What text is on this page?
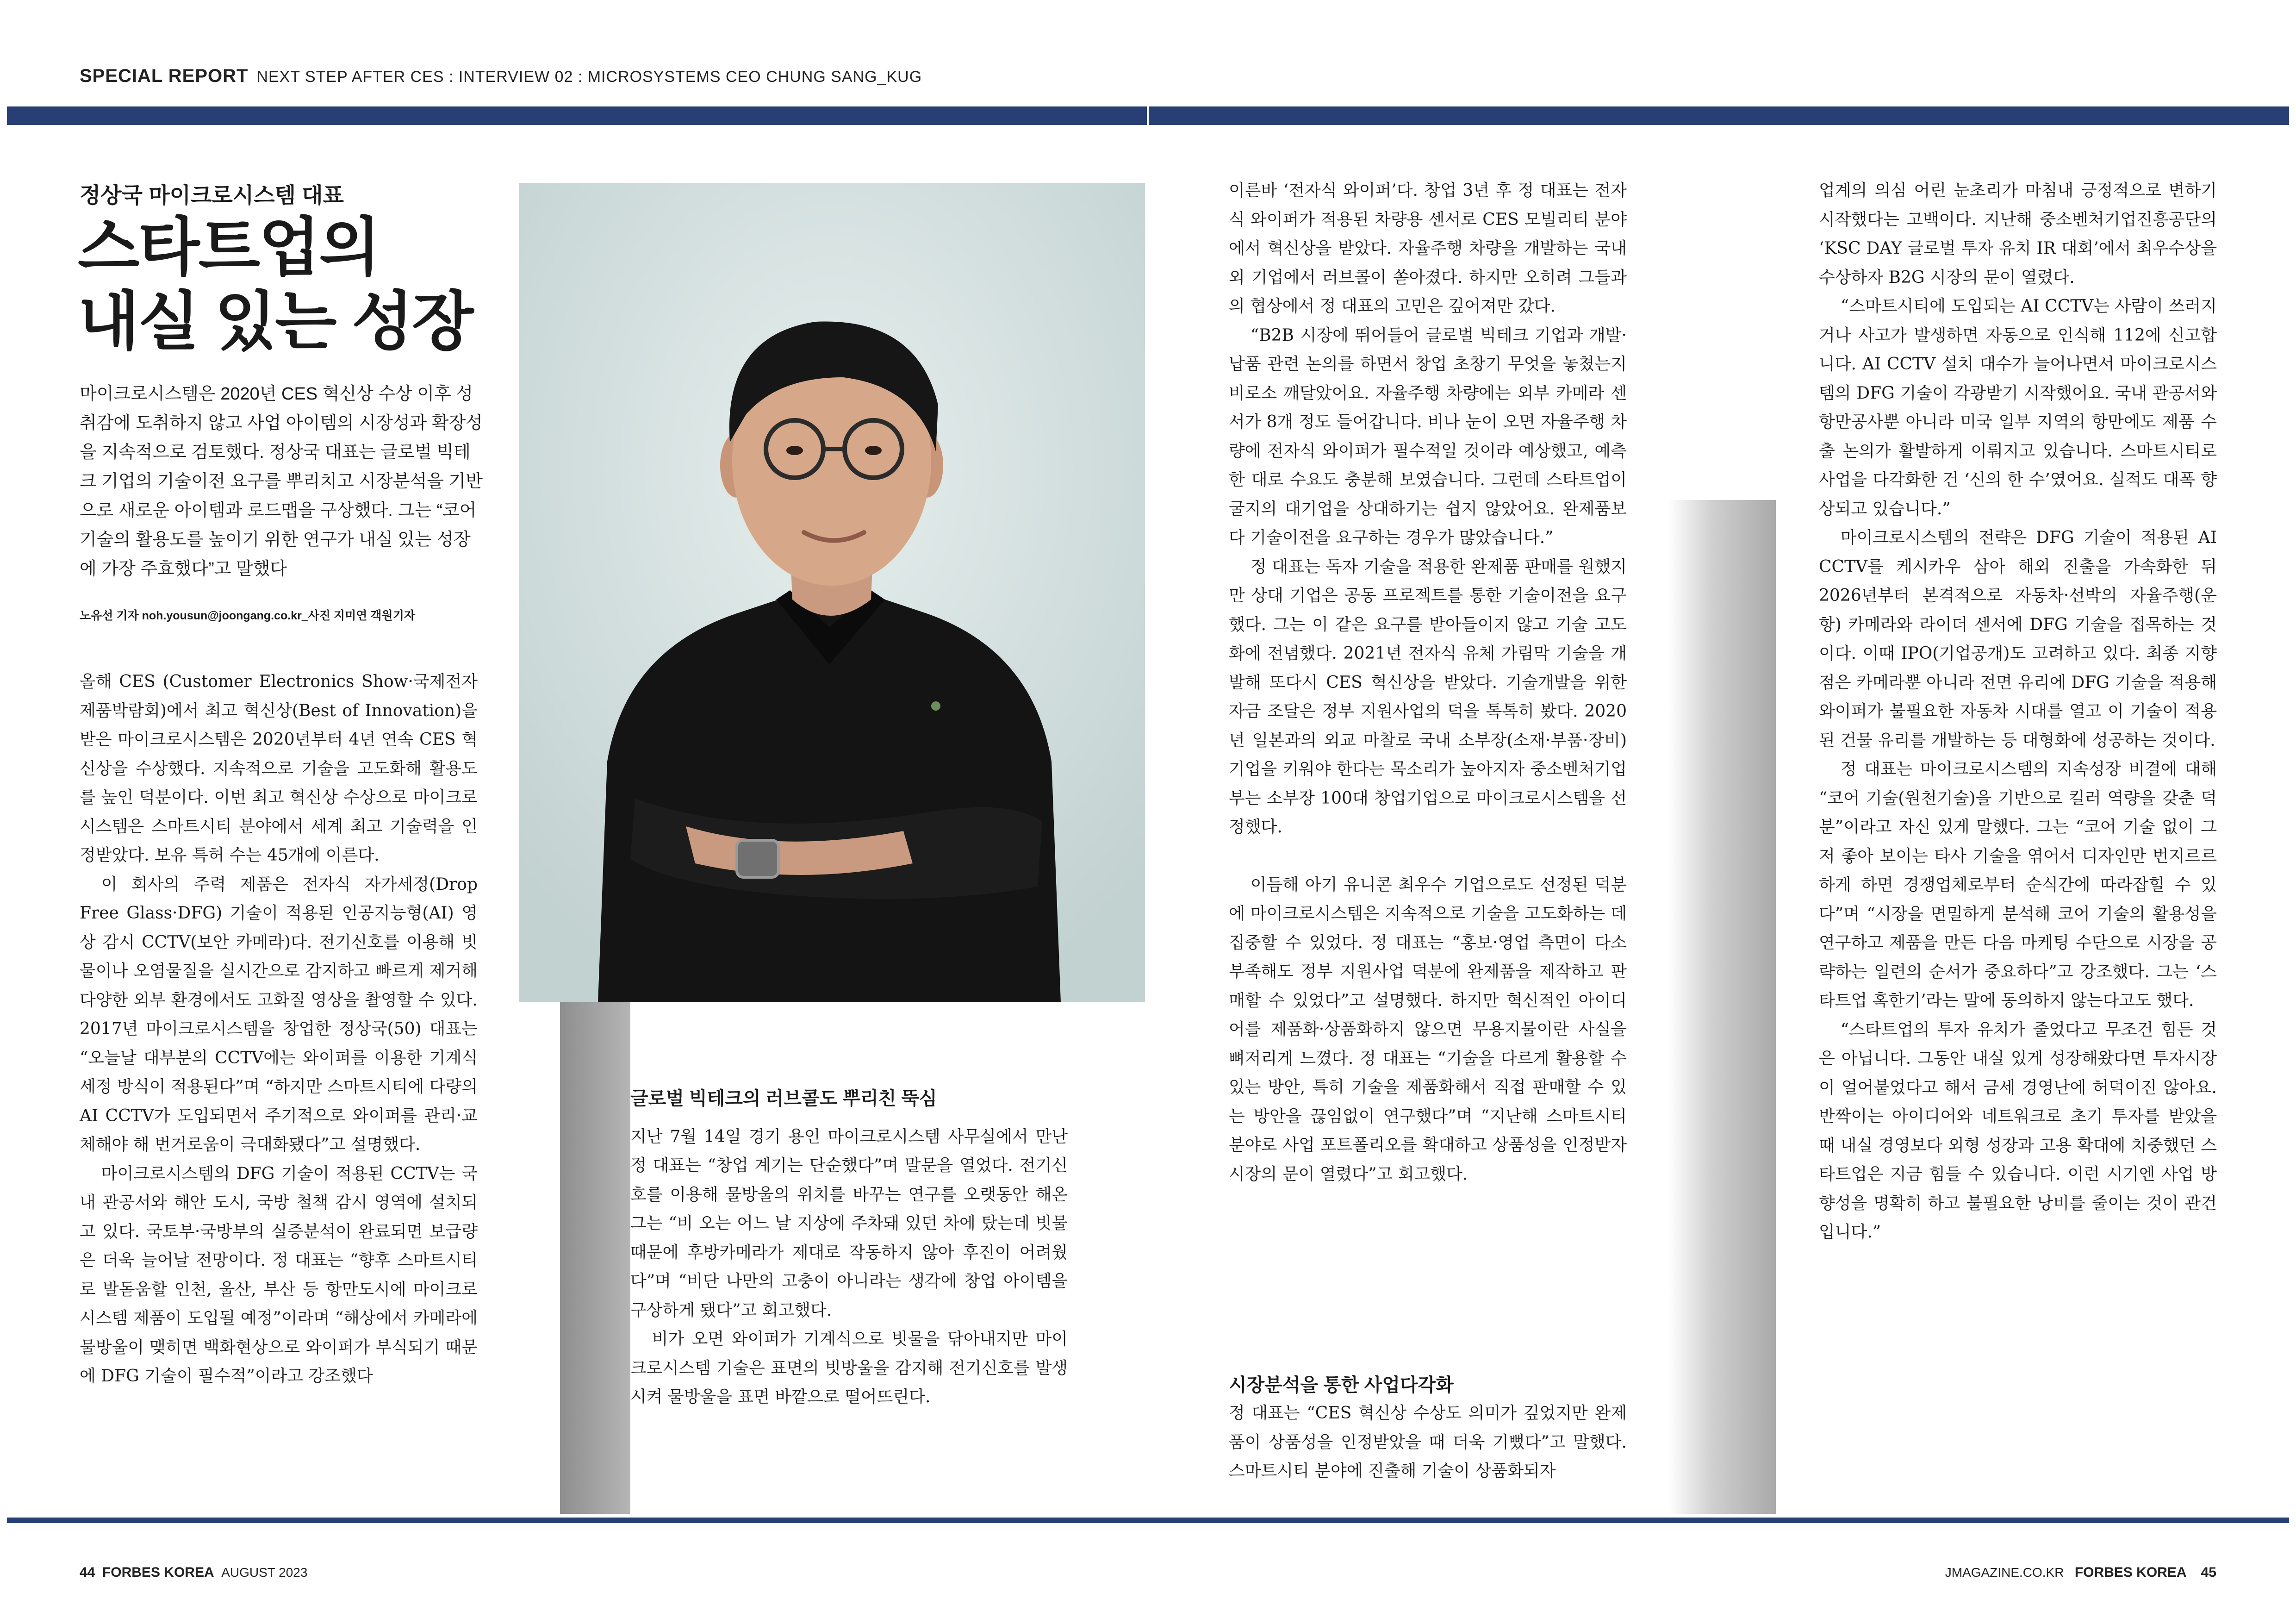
SPECIAL REPORT NEXT STEP AFTER CES : INTERVIEW 02 : MICROSYSTEMS CEO CHUNG SANG_KUG
정상국 마이크로시스템 대표
스타트업의
내실 있는 성장
마이크로시스템은 2020년 CES 혁신상 수상 이후 성취감에 도취하지 않고 사업 아이템의 시장성과 확장성을 지속적으로 검토했다. 정상국 대표는 글로벌 빅테크 기업의 기술이전 요구를 뿌리치고 시장분석을 기반으로 새로운 아이템과 로드맵을 구상했다. 그는 “코어 기술의 활용도를 높이기 위한 연구가 내실 있는 성장에 가장 주효했다”고 말했다
노유선 기자 noh.yousun@joongang.co.kr_사진 지미연 객원기자

올해 CES (Customer Electronics Show·국제전자제품박람회)에서 최고 혁신상(Best of Innovation)을 받은 마이크로시스템은 2020년부터 4년 연속 CES 혁신상을 수상했다. 지속적으로 기술을 고도화해 활용도를 높인 덕분이다. 이번 최고 혁신상 수상으로 마이크로시스템은 스마트시티 분야에서 세계 최고 기술력을 인정받았다. 보유 특허 수는 45개에 이른다.

이 회사의 주력 제품은 전자식 자가세정(Drop Free Glass·DFG) 기술이 적용된 인공지능형(AI) 영상 감시 CCTV(보안 카메라)다. 전기신호를 이용해 빗물이나 오염물질을 실시간으로 감지하고 빠르게 제거해 다양한 외부 환경에서도 고화질 영상을 촬영할 수 있다. 2017년 마이크로시스템을 창업한 정상국(50) 대표는 “오늘날 대부분의 CCTV에는 와이퍼를 이용한 기계식 세정 방식이 적용된다”며 “하지만 스마트시티에 다량의 AI CCTV가 도입되면서 주기적으로 와이퍼를 관리·교체해야 해 번거로움이 극대화됐다”고 설명했다.

마이크로시스템의 DFG 기술이 적용된 CCTV는 국내 관공서와 해안 도시, 국방 철책 감시 영역에 설치되고 있다. 국토부·국방부의 실증분석이 완료되면 보급량은 더욱 늘어날 전망이다. 정 대표는 “향후 스마트시티로 발돋움할 인천, 울산, 부산 등 항만도시에 마이크로시스템 제품이 도입될 예정”이라며 “해상에서 카메라에 물방울이 맺히면 백화현상으로 와이퍼가 부식되기 때문에 DFG 기술이 필수적”이라고 강조했다

글로벌 빅테크의 러브콜도 뿌리친 뚝심

지난 7월 14일 경기 용인 마이크로시스템 사무실에서 만난 정 대표는 “창업 계기는 단순했다”며 말문을 열었다. 전기신호를 이용해 물방울의 위치를 바꾸는 연구를 오랫동안 해온 그는 “비 오는 어느 날 지상에 주차돼 있던 차에 탔는데 빗물 때문에 후방카메라가 제대로 작동하지 않아 후진이 어려웠다”며 “비단 나만의 고충이 아니라는 생각에 창업 아이템을 구상하게 됐다”고 회고했다.

비가 오면 와이퍼가 기계식으로 빗물을 닦아내지만 마이크로시스템 기술은 표면의 빗방울을 감지해 전기신호를 발생시켜 물방울을 표면 바깥으로 떨어뜨린다.

이른바 ‘전자식 와이퍼’다. 창업 3년 후 정 대표는 전자식 와이퍼가 적용된 차량용 센서로 CES 모빌리티 분야에서 혁신상을 받았다. 자율주행 차량을 개발하는 국내외 기업에서 러브콜이 쏟아졌다. 하지만 오히려 그들과의 협상에서 정 대표의 고민은 깊어져만 갔다.

“B2B 시장에 뛰어들어 글로벌 빅테크 기업과 개발·납품 관련 논의를 하면서 창업 초창기 무엇을 놓쳤는지 비로소 깨달았어요. 자율주행 차량에는 외부 카메라 센서가 8개 정도 들어갑니다. 비나 눈이 오면 자율주행 차량에 전자식 와이퍼가 필수적일 것이라 예상했고, 예측한 대로 수요도 충분해 보였습니다. 그런데 스타트업이 굴지의 대기업을 상대하기는 쉽지 않았어요. 완제품보다 기술이전을 요구하는 경우가 많았습니다.”

정 대표는 독자 기술을 적용한 완제품 판매를 원했지만 상대 기업은 공동 프로젝트를 통한 기술이전을 요구했다. 그는 이 같은 요구를 받아들이지 않고 기술 고도화에 전념했다. 2021년 전자식 유체 가림막 기술을 개발해 또다시 CES 혁신상을 받았다. 기술개발을 위한 자금 조달은 정부 지원사업의 덕을 톡톡히 봤다. 2020년 일본과의 외교 마찰로 국내 소부장(소재·부품·장비) 기업을 키워야 한다는 목소리가 높아지자 중소벤처기업부는 소부장 100대 창업기업으로 마이크로시스템을 선정했다.

이듬해 아기 유니콘 최우수 기업으로도 선정된 덕분에 마이크로시스템은 지속적으로 기술을 고도화하는 데 집중할 수 있었다. 정 대표는 “홍보·영업 측면이 다소 부족해도 정부 지원사업 덕분에 완제품을 제작하고 판매할 수 있었다”고 설명했다. 하지만 혁신적인 아이디어를 제품화·상품화하지 않으면 무용지물이란 사실을 뼈저리게 느꼈다. 정 대표는 “기술을 다르게 활용할 수 있는 방안, 특히 기술을 제품화해서 직접 판매할 수 있는 방안을 끊임없이 연구했다”며 “지난해 스마트시티 분야로 사업 포트폴리오를 확대하고 상품성을 인정받자 시장의 문이 열렸다”고 회고했다.

시장분석을 통한 사업다각화

정 대표는 “CES 혁신상 수상도 의미가 깊었지만 완제품이 상품성을 인정받았을 때 더욱 기뻤다”고 말했다.스마트시티 분야에 진출해 기술이 상품화되자

업계의 의심 어린 눈초리가 마침내 긍정적으로 변하기 시작했다는 고백이다. 지난해 중소벤처기업진흥공단의 ‘KSC DAY 글로벌 투자 유치 IR 대회’에서 최우수상을 수상하자 B2G 시장의 문이 열렸다.

“스마트시티에 도입되는 AI CCTV는 사람이 쓰러지거나 사고가 발생하면 자동으로 인식해 112에 신고합니다. AI CCTV 설치 대수가 늘어나면서 마이크로시스템의 DFG 기술이 각광받기 시작했어요. 국내 관공서와 항만공사뿐 아니라 미국 일부 지역의 항만에도 제품 수출 논의가 활발하게 이뤄지고 있습니다. 스마트시티로 사업을 다각화한 건 ‘신의 한 수’였어요. 실적도 대폭 향상되고 있습니다.”

마이크로시스템의 전략은 DFG 기술이 적용된 AI CCTV를 케시카우 삼아 해외 진출을 가속화한 뒤 2026년부터 본격적으로 자동차·선박의 자율주행(운항) 카메라와 라이더 센서에 DFG 기술을 접목하는 것이다. 이때 IPO(기업공개)도 고려하고 있다. 최종 지향점은 카메라뿐 아니라 전면 유리에 DFG 기술을 적용해 와이퍼가 불필요한 자동차 시대를 열고 이 기술이 적용된 건물 유리를 개발하는 등 대형화에 성공하는 것이다.

정 대표는 마이크로시스템의 지속성장 비결에 대해 “코어 기술(원천기술)을 기반으로 킬러 역량을 갖춘 덕분”이라고 자신 있게 말했다. 그는 “코어 기술 없이 그저 좋아 보이는 타사 기술을 엮어서 디자인만 번지르르하게 하면 경쟁업체로부터 순식간에 따라잡힐 수 있다”며 “시장을 면밀하게 분석해 코어 기술의 활용성을 연구하고 제품을 만든 다음 마케팅 수단으로 시장을 공략하는 일련의 순서가 중요하다”고 강조했다. 그는 ‘스타트업 혹한기’라는 말에 동의하지 않는다고도 했다.

“스타트업의 투자 유치가 줄었다고 무조건 힘든 것은 아닙니다. 그동안 내실 있게 성장해왔다면 투자시장이 얼어붙었다고 해서 금세 경영난에 허덕이진 않아요. 반짝이는 아이디어와 네트워크로 초기 투자를 받았을 때 내실 경영보다 외형 성장과 고용 확대에 치중했던 스타트업은 지금 힘들 수 있습니다. 이런 시기엔 사업 방향성을 명확히 하고 불필요한 낭비를 줄이는 것이 관건입니다.”

44 FORBES KOREA AUGUST 2023	JMAGAZINE.CO.KR FORBES KOREA 45
